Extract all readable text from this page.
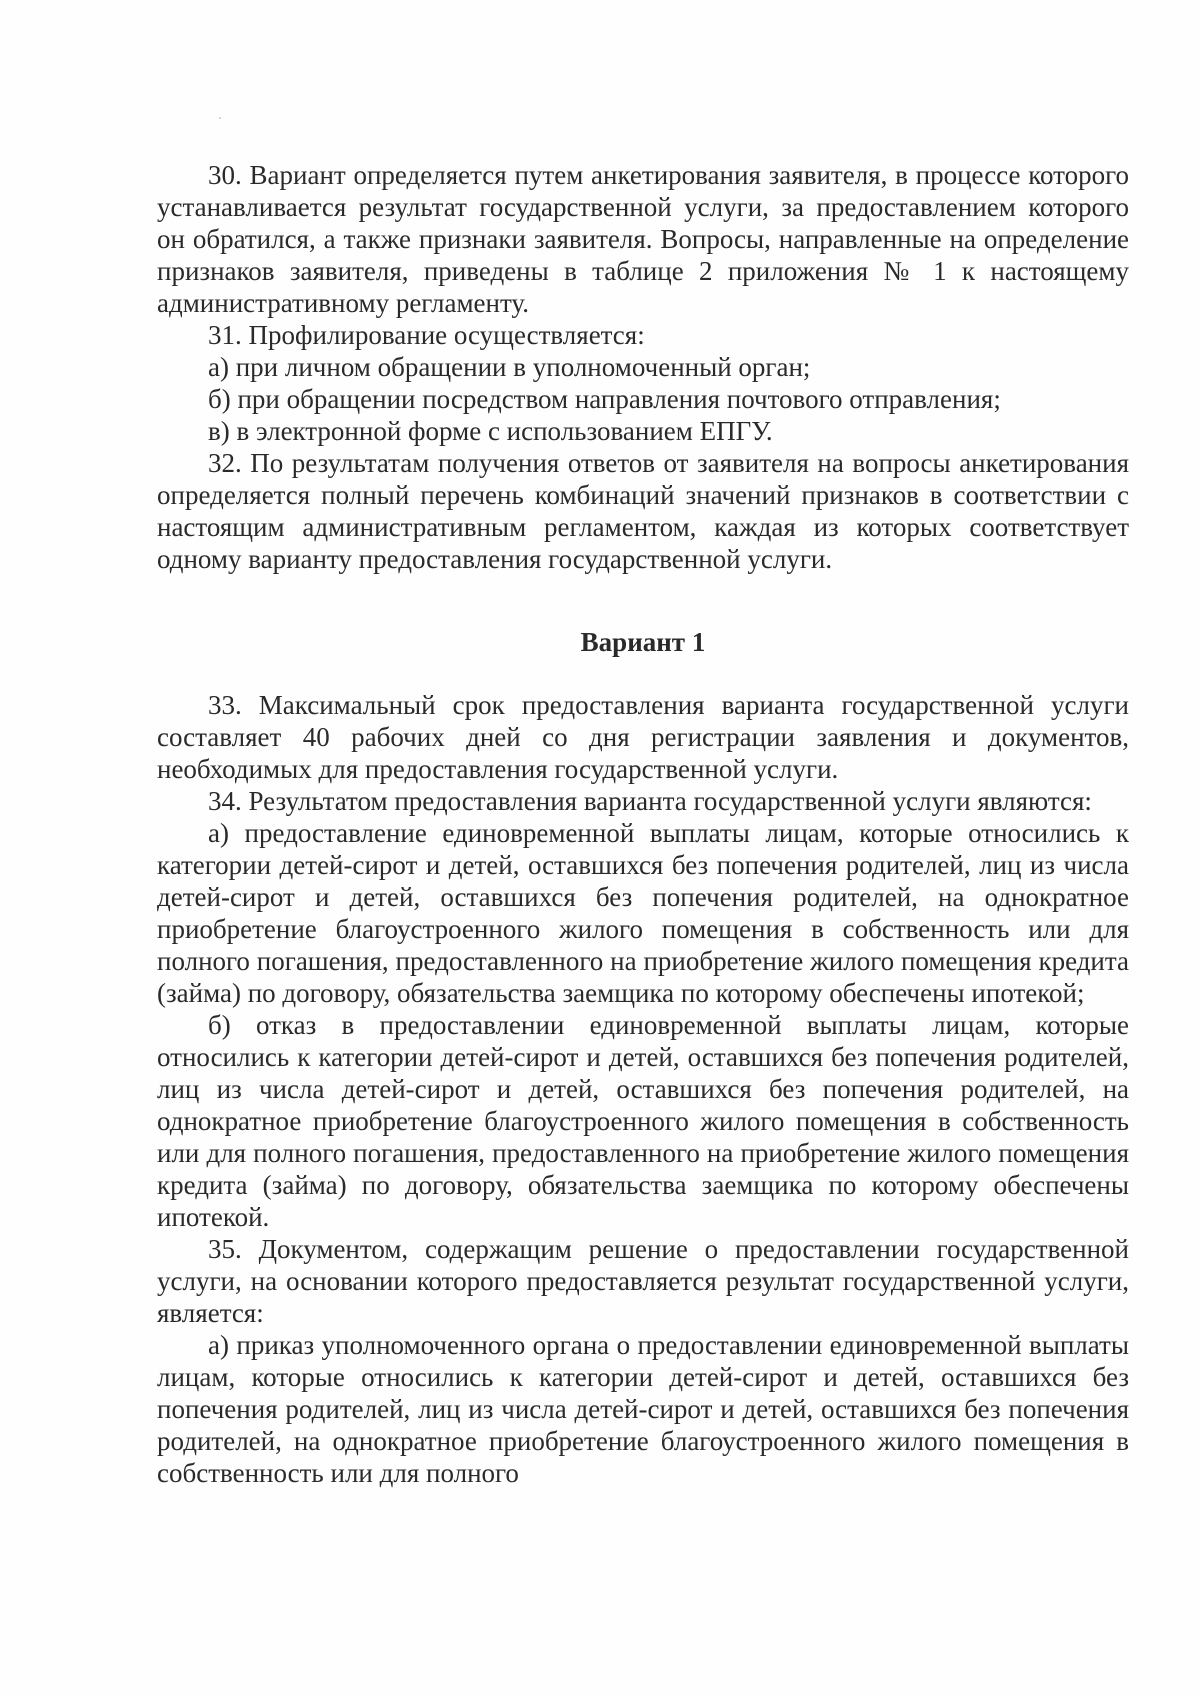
30. Вариант определяется путем анкетирования заявителя, в процессе которого устанавливается результат государственной услуги, за предоставлением которого он обратился, а также признаки заявителя. Вопросы, направленные на определение признаков заявителя, приведены в таблице 2 приложения № 1 к настоящему административному регламенту.

31. Профилирование осуществляется:

а) при личном обращении в уполномоченный орган;

б) при обращении посредством направления почтового отправления;

в) в электронной форме с использованием ЕПГУ.

32. По результатам получения ответов от заявителя на вопросы анкетирования определяется полный перечень комбинаций значений признаков в соответствии с настоящим административным регламентом, каждая из которых соответствует одному варианту предоставления государственной услуги.

Вариант 1

33. Максимальный срок предоставления варианта государственной услуги составляет 40 рабочих дней со дня регистрации заявления и документов, необходимых для предоставления государственной услуги.

34. Результатом предоставления варианта государственной услуги являются:

а) предоставление единовременной выплаты лицам, которые относились к категории детей-сирот и детей, оставшихся без попечения родителей, лиц из числа детей-сирот и детей, оставшихся без попечения родителей, на однократное приобретение благоустроенного жилого помещения в собственность или для полного погашения, предоставленного на приобретение жилого помещения кредита (займа) по договору, обязательства заемщика по которому обеспечены ипотекой;

б) отказ в предоставлении единовременной выплаты лицам, которые относились к категории детей-сирот и детей, оставшихся без попечения родителей, лиц из числа детей-сирот и детей, оставшихся без попечения родителей, на однократное приобретение благоустроенного жилого помещения в собственность или для полного погашения, предоставленного на приобретение жилого помещения кредита (займа) по договору, обязательства заемщика по которому обеспечены ипотекой.

35. Документом, содержащим решение о предоставлении государственной услуги, на основании которого предоставляется результат государственной услуги, является:

а) приказ уполномоченного органа о предоставлении единовременной выплаты лицам, которые относились к категории детей-сирот и детей, оставшихся без попечения родителей, лиц из числа детей-сирот и детей, оставшихся без попечения родителей, на однократное приобретение благоустроенного жилого помещения в собственность или для полного
